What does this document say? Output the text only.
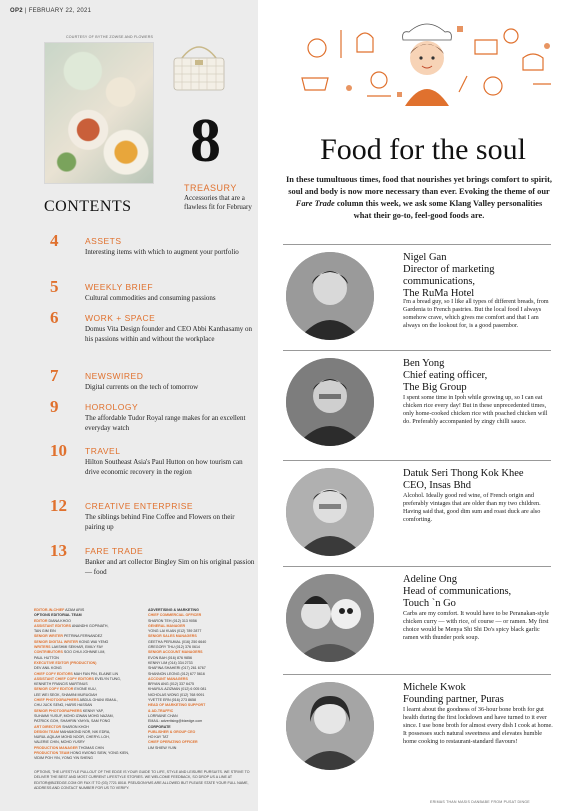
OP2 | FEBRUARY 22, 2021
COURTESY OF BYTHE ZOWSE AND FLOWERS
8
TREASURY
Accessories that are a flawless fit for February
CONTENTS
4	ASSETS
Interesting items with which to augment your portfolio
5	WEEKLY BRIEF
Cultural commodities and consuming passions
6	WORK + SPACE
Domus Vita Design founder and CEO Abbi Kanthasamy on his passions within and without the workplace
7	NEWSWIRED
Digital currents on the tech of tomorrow
9	HOROLOGY
The affordable Tudor Royal range makes for an excellent everyday watch
10 TRAVEL
Hilton Southeast Asia's Paul Hutton on how tourism can drive economic recovery in the region
12 CREATIVE ENTERPRISE
The siblings behind Fine Coffee and Flowers on their pairing up
13 FARE TRADE
Banker and art collector Bingley Sim on his original passion — food
EDITOR-IN-CHIEF AZAM ARIS
OPTIONS EDITORIAL TEAM
EDITOR DIANA KHOO
ASSISTANT EDITORS ANANDHI GOPINATH,
TAN GIM EIN
SENIOR WRITER PETRINA FERNANDEZ
SENIOR DIGITAL WRITER KONG WAI YENG
WRITERS LAKSHMI SEKHAR, EMILY FAY
CONTRIBUTORS SOO CHUI JOHNNE LIM,
PAUL HUTTON
EXECUTIVE EDITOR (PRODUCTION)
DEV ANIL KONG
CHIEF COPY EDITORS MAH FAN PIN, ELAINE LIN
ASSISTANT CHIEF COPY EDITORS EVELYN TUNG,
KENNETH FRANCIS MARTINUS
SENIOR COPY EDITOR EVONE KUU,
LEE WEI SEOK, SHAMINI MURUGIAH
CHIEF PHOTOGRAPHERS ABDUL GHANI ISMAIL,
CHU JUCK SENG, HARIS HASSAN
SENIOR PHOTOGRAPHERS KENNY YAP,
SUHAIMI YUSUF, MOHD IZWAN MOHD NAZAM,
PATRICK GOH, SHAHRIN YAHYA, SAM FONG
ART DIRECTOR SHARON KHOH
DESIGN TEAM MAHAMOND NOR, NIK EDRA,
NURUL AQILAH MOHD NOOR, CHERYL LOH,
VALERIE CHIN, MOHD YUSRY
PRODUCTION MANAGER THOMAS CHIN
PRODUCTION TEAM HONG KWONG SIEW, YONG KIEN,
VIDIM POH YIN, YONG YIN SHENG
ADVERTISING & MARKETING
CHIEF COMMERCIAL OFFICER
SHARON TEH (012) 313 9056
GENERAL MANAGER
YONG LAI KUAN (012) 789 2877
SENIOR SALES MANAGERS
GEETHA PERUMAL (016) 250 6640
GREGORY THU (012) 376 0614
SENIOR ACCOUNT MANAGERS
EVON BAH (016) 876 9856
KENNY LIM (014) 334 2733
SHAFINA SHAHERI (017) 261 6767
SHANNON LEONG (012) 677 5616
ACCOUNT MANAGERS
BRYAN ANG (012) 337 6475
KHAIRUL AZIZMAN (012) 6 005 081
NICHOLAS WONG (012) 768 9091
YVETTE ERN (016) 273 8658
HEAD OF MARKETING SUPPORT
& AD-TRAFFIC
LORRAINE CHAN
EMAIL: advertising@bizedge.com
CORPORATE
PUBLISHER & GROUP CEO
HO KAY TAT
CHIEF OPERATING OFFICER
LIM SHIEW YUIN
OPTIONS, THE LIFESTYLE PULLOUT OF THE EDGE IS YOUR GUIDE TO LIFE, STYLE AND LEISURE PURSUITS. WE STRIVE TO DELIVER THE BEST AND MOST CURRENT LIFESTYLE STORIES. WE WELCOME FEEDBACK, SO DROP US A LINE AT EDITOR@BIZEDGE.COM OR FAX IT TO (03) 7721 8018. PSEUDONYMS ARE ALLOWED BUT PLEASE STATE YOUR FULL NAME, ADDRESS AND CONTACT NUMBER FOR US TO VERIFY.
Food for the soul
In these tumultuous times, food that nourishes yet brings comfort to spirit, soul and body is now more necessary than ever. Evoking the theme of our Fare Trade column this week, we ask some Klang Valley personalities what their go-to, feel-good foods are.
Nigel Gan
Director of marketing communications,
The RuMa Hotel
I'm a bread guy, so I like all types of different breads, from Gardenia to French pastries. But the local food I always somehow crave, which gives me comfort and that I am always on the lookout for, is a good pasembor.
Ben Yong
Chief eating officer,
The Big Group
I spent some time in Ipoh while growing up, so I can eat chicken rice every day! But in these unprecedented times, only home-cooked chicken rice with poached chicken will do. Preferably accompanied by zingy chilli sauce.
Datuk Seri Thong Kok Khee
CEO, Insas Bhd
Alcohol. Ideally good red wine, of French origin and preferably vintages that are older than my two children. Having said that, good dim sum and roast duck are also comforting.
Adeline Ong
Head of communications,
Touch `n Go
Carbs are my comfort. It would have to be Peranakan-style chicken curry — with rice, of course — or ramen. My first choice would be Menya Shi Shi Do's spicy black garlic ramen with thunder pork soup.
Michele Kwok
Founding partner, Puras
I learnt about the goodness of 36-hour bone broth for gut health during the first lockdown and have turned to it ever since. I use bone broth for almost every dish I cook at home. It possesses such natural sweetness and elevates humble home cooking to restaurant-standard flavours!
ERIMAS THAN MASIS DANBABE FROM PUSAT DINGE
